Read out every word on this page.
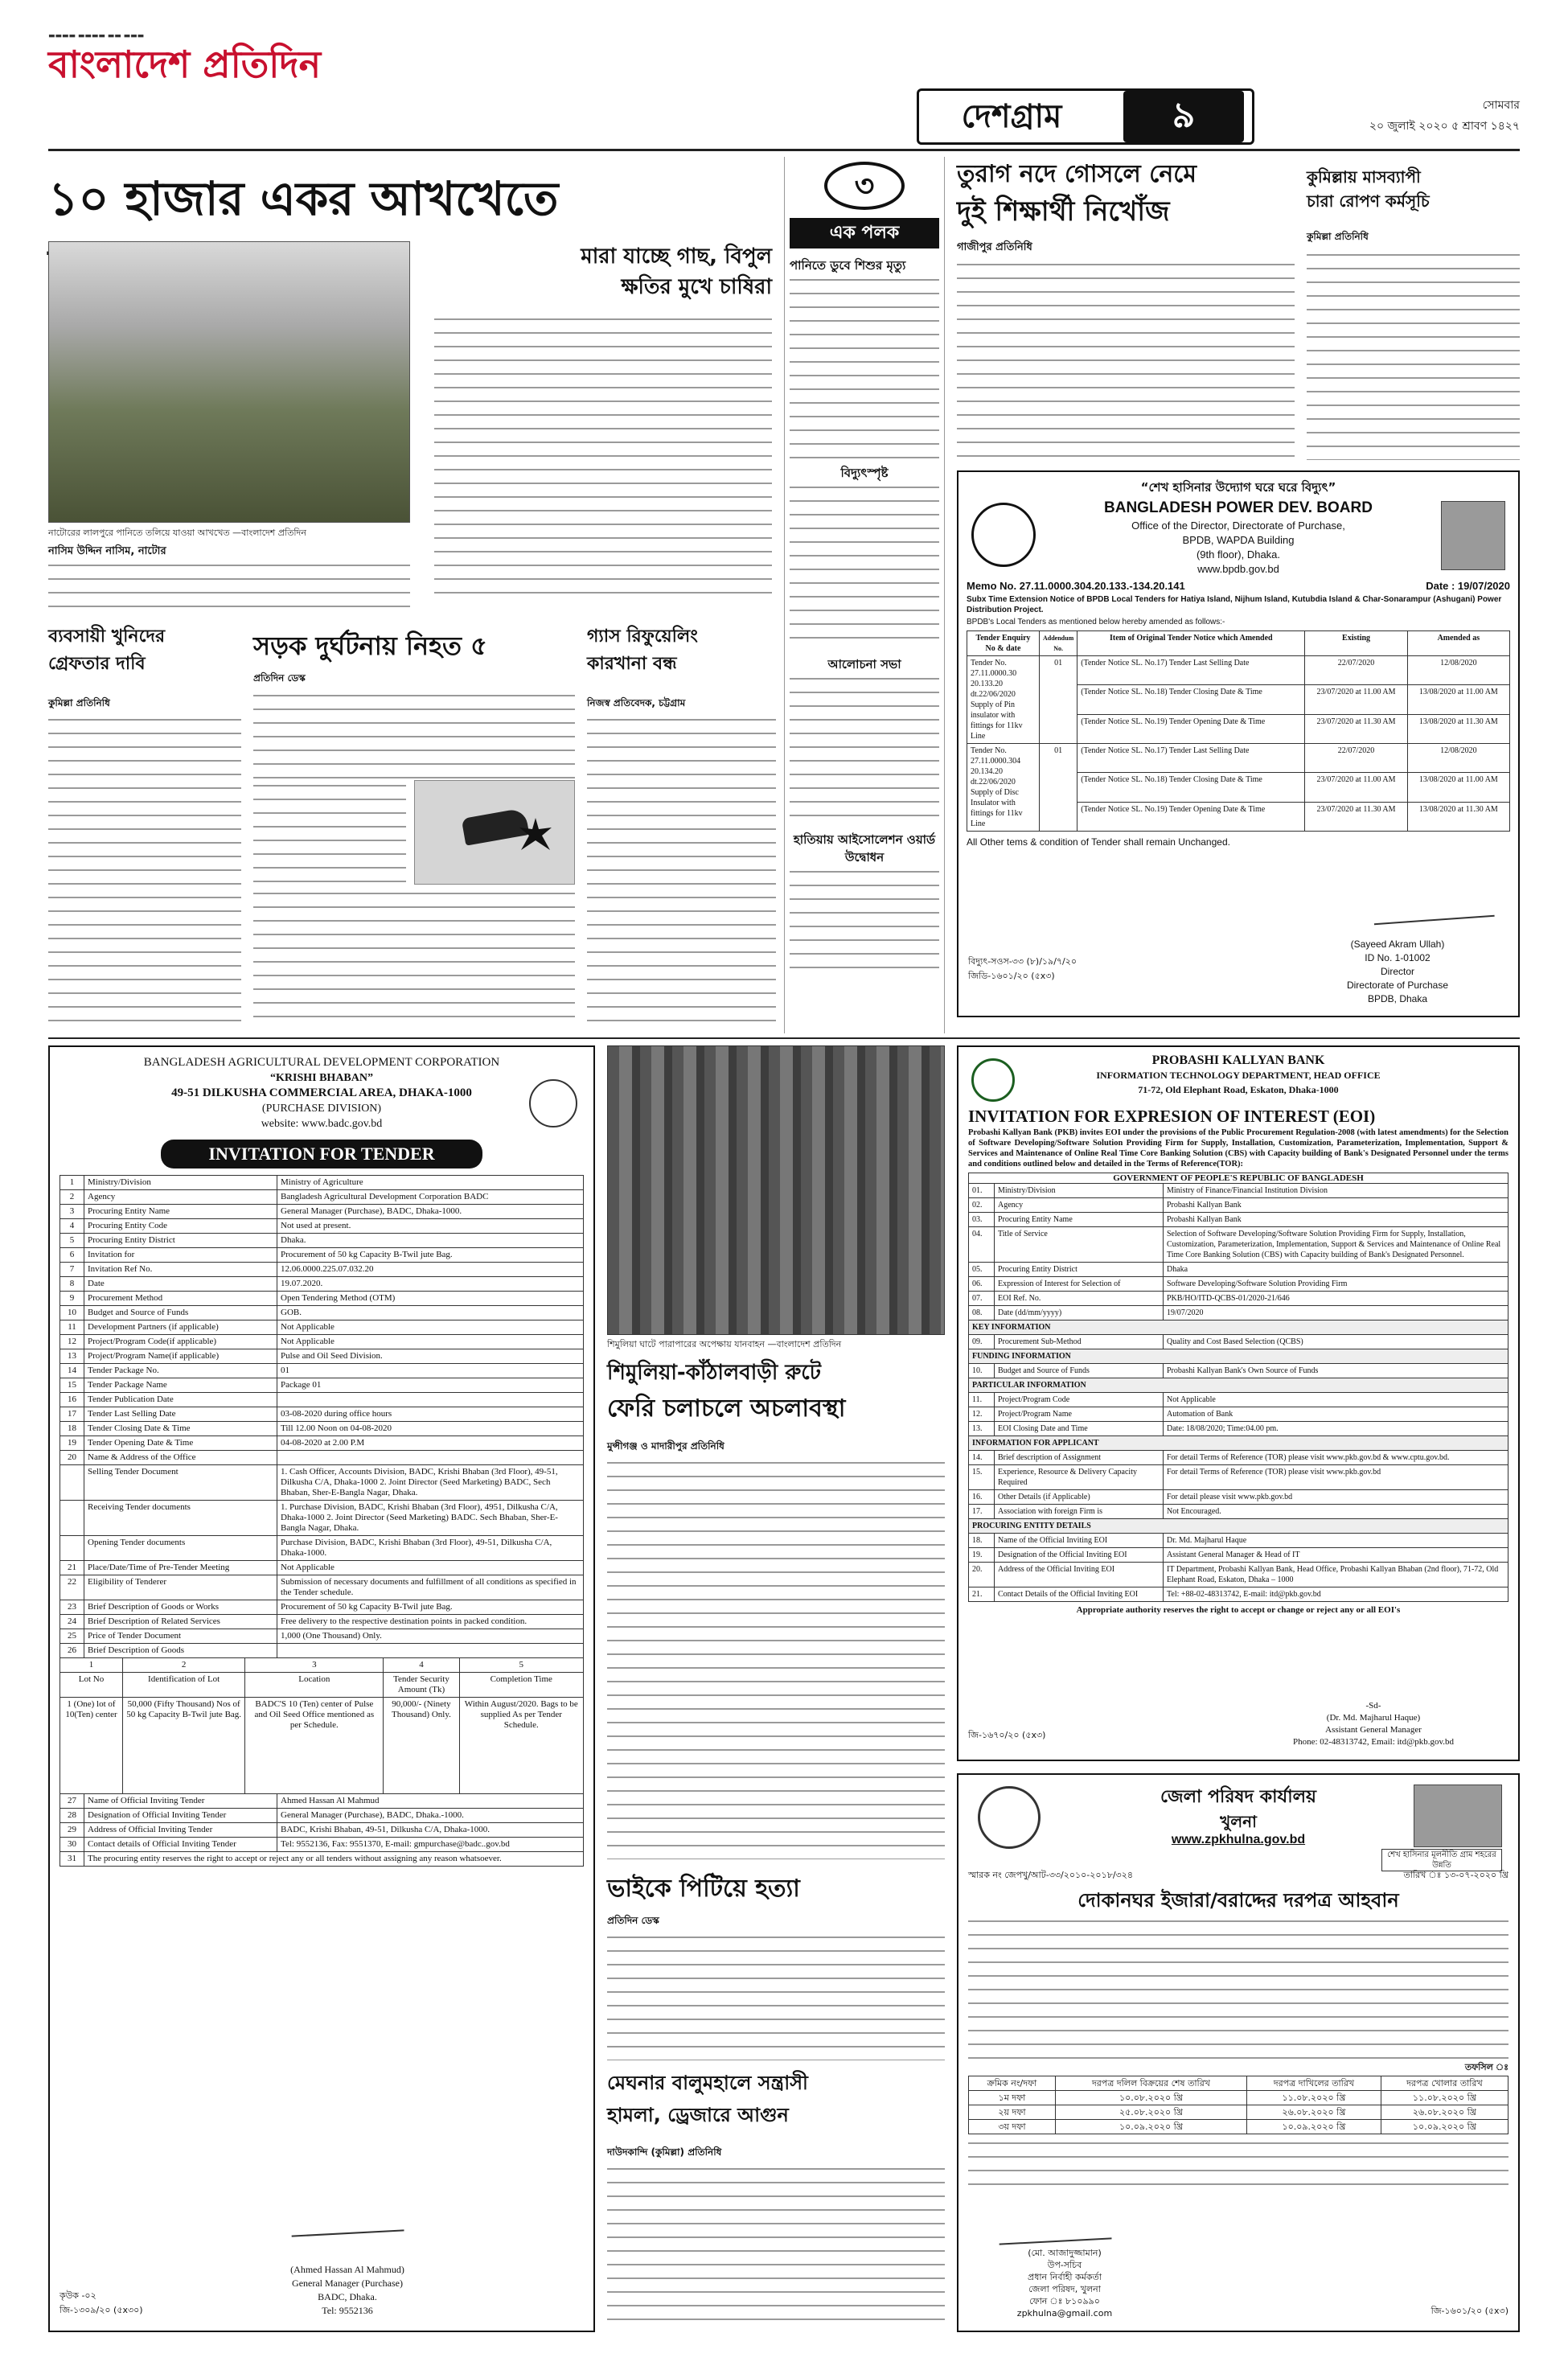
▬▬▬▬ ▬▬▬▬ ▬▬ ▬▬▬
বাংলাদেশ প্রতিদিন
দেশগ্রাম	৯	সোমবার
২০ জুলাই ২০২০ ৫ শ্রাবণ ১৪২৭
১০ হাজার একর আখখেতে
মারা যাচ্ছে গাছ, বিপুল
ক্ষতির মুখে চাষিরা
নাটোরের লালপুরে পানিতে তলিয়ে যাওয়া আখখেত —বাংলাদেশ প্রতিদিন
নাসিম উদ্দিন নাসিম, নাটোর
৩
এক পলক
পানিতে ডুবে শিশুর মৃত্যু
বিদ্যুৎস্পৃষ্ট
আলোচনা সভা
হাতিয়ায় আইসোলেশন ওয়ার্ড উদ্বোধন
তুরাগ নদে গোসলে নেমে
দুই শিক্ষার্থী নিখোঁজ
গাজীপুর প্রতিনিধি
কুমিল্লায় মাসব্যাপী
চারা রোপণ কর্মসূচি
কুমিল্লা প্রতিনিধি
“শেখ হাসিনার উদ্যোগ ঘরে ঘরে বিদ্যুৎ”
BANGLADESH POWER DEV. BOARD
Office of the Director, Directorate of Purchase,
BPDB, WAPDA Building
(9th floor), Dhaka.
www.bpdb.gov.bd
Memo No. 27.11.0000.304.20.133.-134.20.141	Date : 19/07/2020
Subx Time Extension Notice of BPDB Local Tenders for Hatiya Island, Nijhum Island, Kutubdia Island & Char-Sonarampur (Ashugani) Power Distribution Project.
BPDB's Local Tenders as mentioned below hereby amended as follows:-
Tender Enquiry No & date	Addendum No.	Item of Original Tender Notice which Amended	Existing	Amended as
Tender No. 27.11.0000.30 20.133.20 dt.22/06/2020 Supply of Pin insulator with fittings for 11kv Line	01	(Tender Notice SL. No.17) Tender Last Selling Date	22/07/2020	12/08/2020
		(Tender Notice SL. No.18) Tender Closing Date & Time	23/07/2020 at 11.00 AM	13/08/2020 at 11.00 AM
		(Tender Notice SL. No.19) Tender Opening Date & Time	23/07/2020 at 11.30 AM	13/08/2020 at 11.30 AM
Tender No. 27.11.0000.304 20.134.20 dt.22/06/2020 Supply of Disc Insulator with fittings for 11kv Line	01	(Tender Notice SL. No.17) Tender Last Selling Date	22/07/2020	12/08/2020
		(Tender Notice SL. No.18) Tender Closing Date & Time	23/07/2020 at 11.00 AM	13/08/2020 at 11.00 AM
		(Tender Notice SL. No.19) Tender Opening Date & Time	23/07/2020 at 11.30 AM	13/08/2020 at 11.30 AM
All Other tems & condition of Tender shall remain Unchanged.
(Sayeed Akram Ullah)
ID No. 1-01002
Director
Directorate of Purchase
BPDB, Dhaka
বিদ্যুৎ-সওস-৩৩ (৮)/১৯/৭/২০
জিডি-১৬০১/২০ (৫x৩)
ব্যবসায়ী খুনিদের
গ্রেফতার দাবি
কুমিল্লা প্রতিনিধি
সড়ক দুর্ঘটনায় নিহত ৫
প্রতিদিন ডেস্ক
গ্যাস রিফুয়েলিং
কারখানা বন্ধ
নিজস্ব প্রতিবেদক, চট্টগ্রাম
BANGLADESH AGRICULTURAL DEVELOPMENT CORPORATION
“KRISHI BHABAN”
49-51 DILKUSHA COMMERCIAL AREA, DHAKA-1000
(PURCHASE DIVISION)
website: www.badc.gov.bd
INVITATION FOR TENDER
1	Ministry/Division	Ministry of Agriculture
2	Agency	Bangladesh Agricultural Development Corporation BADC
3	Procuring Entity Name	General Manager (Purchase), BADC, Dhaka-1000.
4	Procuring Entity Code	Not used at present.
5	Procuring Entity District	Dhaka.
6	Invitation for	Procurement of 50 kg Capacity B-Twil jute Bag.
7	Invitation Ref No.	12.06.0000.225.07.032.20
8	Date	19.07.2020.
9	Procurement Method	Open Tendering Method (OTM)
10	Budget and Source of Funds	GOB.
11	Development Partners (if applicable)	Not Applicable
12	Project/Program Code(if applicable)	Not Applicable
13	Project/Program Name(if applicable)	Pulse and Oil Seed Division.
14	Tender Package No.	01
15	Tender Package Name	Package 01
16	Tender Publication Date	
17	Tender Last Selling Date	03-08-2020 during office hours
18	Tender Closing Date & Time	Till 12.00 Noon on 04-08-2020
19	Tender Opening Date & Time	04-08-2020 at 2.00 P.M
20	Name & Address of the Office	
	Selling Tender Document	1. Cash Officer, Accounts Division, BADC, Krishi Bhaban (3rd Floor), 49-51, Dilkusha C/A, Dhaka-1000 2. Joint Director (Seed Marketing) BADC, Sech Bhaban, Sher-E-Bangla Nagar, Dhaka.
	Receiving Tender documents	1. Purchase Division, BADC, Krishi Bhaban (3rd Floor), 4951, Dilkusha C/A, Dhaka-1000 2. Joint Director (Seed Marketing) BADC. Sech Bhaban, Sher-E-Bangla Nagar, Dhaka.
	Opening Tender documents	Purchase Division, BADC, Krishi Bhaban (3rd Floor), 49-51, Dilkusha C/A, Dhaka-1000.
21	Place/Date/Time of Pre-Tender Meeting	Not Applicable
22	Eligibility of Tenderer	Submission of necessary documents and fulfillment of all conditions as specified in the Tender schedule.
23	Brief Description of Goods or Works	Procurement of 50 kg Capacity B-Twil jute Bag.
24	Brief Description of Related Services	Free delivery to the respective destination points in packed condition.
25	Price of Tender Document	1,000 (One Thousand) Only.
26	Brief Description of Goods	
1	2	3	4	5
Lot No	Identification of Lot	Location	Tender Security Amount (Tk)	Completion Time
1 (One) lot of 10(Ten) center	50,000 (Fifty Thousand) Nos of 50 kg Capacity B-Twil jute Bag.	BADC'S 10 (Ten) center of Pulse and Oil Seed Office mentioned as per Schedule.	90,000/- (Ninety Thousand) Only.	Within August/2020. Bags to be supplied As per Tender Schedule.
27	Name of Official Inviting Tender	Ahmed Hassan Al Mahmud
28	Designation of Official Inviting Tender	General Manager (Purchase), BADC, Dhaka.-1000.
29	Address of Official Inviting Tender	BADC, Krishi Bhaban, 49-51, Dilkusha C/A, Dhaka-1000.
30	Contact details of Official Inviting Tender	Tel: 9552136, Fax: 9551370, E-mail: gmpurchase@badc..gov.bd
31	The procuring entity reserves the right to accept or reject any or all tenders without assigning any reason whatsoever.	
(Ahmed Hassan Al Mahmud)
General Manager (Purchase)
BADC, Dhaka.
Tel: 9552136
কৃউক -০২
জি-১৩০৯/২০ (৫x৩০)
শিমুলিয়া ঘাটে পারাপারের অপেক্ষায় যানবাহন —বাংলাদেশ প্রতিদিন
শিমুলিয়া-কাঁঠালবাড়ী রুটে
ফেরি চলাচলে অচলাবস্থা
মুন্সীগঞ্জ ও মাদারীপুর প্রতিনিধি
ভাইকে পিটিয়ে হত্যা
প্রতিদিন ডেস্ক
মেঘনার বালুমহালে সন্ত্রাসী
হামলা, ড্রেজারে আগুন
দাউদকান্দি (কুমিল্লা) প্রতিনিধি
PROBASHI KALLYAN BANK
INFORMATION TECHNOLOGY DEPARTMENT, HEAD OFFICE
71-72, Old Elephant Road, Eskaton, Dhaka-1000
INVITATION FOR EXPRESION OF INTEREST (EOI)
Probashi Kallyan Bank (PKB) invites EOI under the provisions of the Public Procurement Regulation-2008 (with latest amendments) for the Selection of Software Developing/Software Solution Providing Firm for Supply, Installation, Customization, Parameterization, Implementation, Support & Services and Maintenance of Online Real Time Core Banking Solution (CBS) with Capacity building of Bank's Designated Personnel under the terms and conditions outlined below and detailed in the Terms of Reference(TOR):
GOVERNMENT OF PEOPLE'S REPUBLIC OF BANGLADESH
01.	Ministry/Division	Ministry of Finance/Financial Institution Division
02.	Agency	Probashi Kallyan Bank
03.	Procuring Entity Name	Probashi Kallyan Bank
04.	Title of Service	Selection of Software Developing/Software Solution Providing Firm for Supply, Installation, Customization, Parameterization, Implementation, Support & Services and Maintenance of Online Real Time Core Banking Solution (CBS) with Capacity building of Bank's Designated Personnel.
05.	Procuring Entity District	Dhaka
06.	Expression of Interest for Selection of	Software Developing/Software Solution Providing Firm
07.	EOI Ref. No.	PKB/HO/ITD-QCBS-01/2020-21/646
08.	Date (dd/mm/yyyy)	19/07/2020
KEY INFORMATION		
09.	Procurement Sub-Method	Quality and Cost Based Selection (QCBS)
FUNDING INFORMATION		
10.	Budget and Source of Funds	Probashi Kallyan Bank's Own Source of Funds
PARTICULAR INFORMATION		
11.	Project/Program Code	Not Applicable
12.	Project/Program Name	Automation of Bank
13.	EOI Closing Date and Time	Date: 18/08/2020; Time:04.00 pm.
INFORMATION FOR APPLICANT		
14.	Brief description of Assignment	For detail Terms of Reference (TOR) please visit www.pkb.gov.bd & www.cptu.gov.bd.
15.	Experience, Resource & Delivery Capacity Required	For detail Terms of Reference (TOR) please visit www.pkb.gov.bd
16.	Other Details (if Applicable)	For detail please visit www.pkb.gov.bd
17.	Association with foreign Firm is	Not Encouraged.
PROCURING ENTITY DETAILS		
18.	Name of the Official Inviting EOI	Dr. Md. Majharul Haque
19.	Designation of the Official Inviting EOI	Assistant General Manager & Head of IT
20.	Address of the Official Inviting EOI	IT Department, Probashi Kallyan Bank, Head Office, Probashi Kallyan Bhaban (2nd floor), 71-72, Old Elephant Road, Eskaton, Dhaka – 1000
21.	Contact Details of the Official Inviting EOI	Tel: +88-02-48313742, E-mail: itd@pkb.gov.bd
Appropriate authority reserves the right to accept or change or reject any or all EOI's
-Sd-
(Dr. Md. Majharul Haque)
Assistant General Manager
Phone: 02-48313742, Email: itd@pkb.gov.bd
জি-১৬৭০/২০ (৫x৩)
শেখ হাসিনার মূলনীতি গ্রাম শহরের উন্নতি
জেলা পরিষদ কার্যালয়
খুলনা
www.zpkhulna.gov.bd
স্মারক নং জেপখু/আট-৩৩/২০১০-২০১৮/৩২৪	তারিখ ঃ ১৩-০৭-২০২০ খ্রি
দোকানঘর ইজারা/বরাদ্দের দরপত্র আহবান
তফসিল ঃ
ক্রমিক নং/দফা	দরপত্র দলিল বিক্রয়ের শেষ তারিখ	দরপত্র দাখিলের তারিখ	দরপত্র খোলার তারিখ
১ম দফা	১০.০৮.২০২০ খ্রি	১১.০৮.২০২০ খ্রি	১১.০৮.২০২০ খ্রি
২য় দফা	২৫.০৮.২০২০ খ্রি	২৬.০৮.২০২০ খ্রি	২৬.০৮.২০২০ খ্রি
৩য় দফা	১০.০৯.২০২০ খ্রি	১০.০৯.২০২০ খ্রি	১০.০৯.২০২০ খ্রি
(মো. আজাদুজ্জামান)
উপ-সচিব
প্রধান নির্বাহী কর্মকর্তা
জেলা পরিষদ, খুলনা
ফোন ঃ ৮১০৯৯০
zpkhulna@gmail.com	জি-১৬০১/২০ (৫x৩)
